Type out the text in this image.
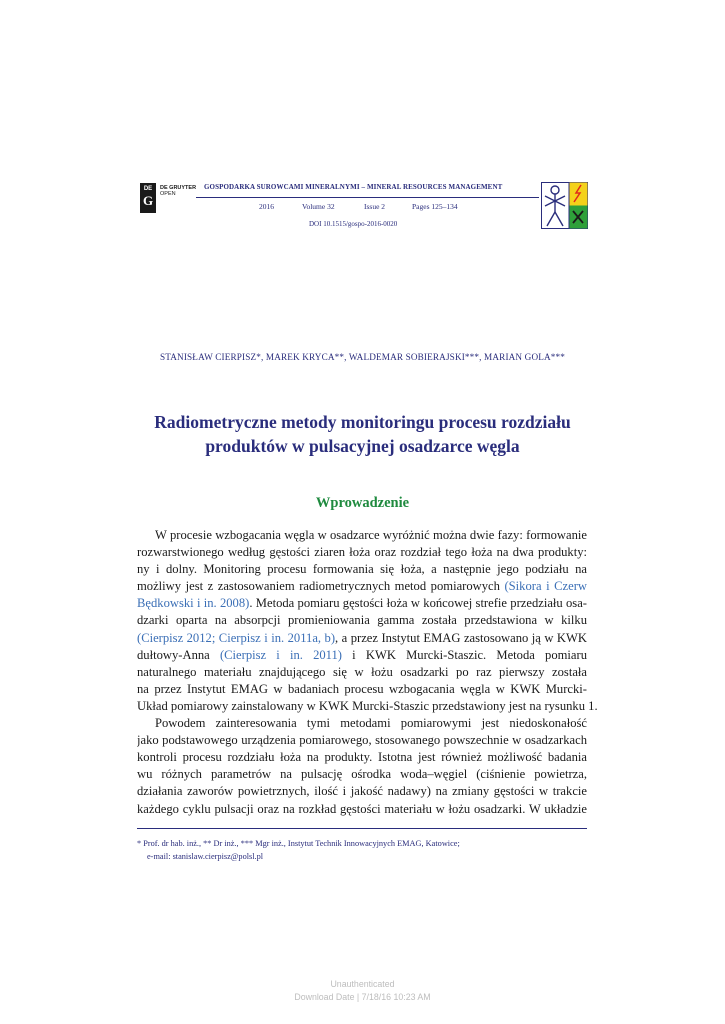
DE
G
DE GRUYTER
OPEN
GOSPODARKA SUROWCAMI MINERALNYMI – MINERAL RESOURCES MANAGEMENT
2016	Volume 32	Issue 2	Pages 125–134
DOI 10.1515/gospo-2016-0020
STANISŁAW CIERPISZ*, MAREK KRYCA**, WALDEMAR SOBIERAJSKI***, MARIAN GOLA***
Radiometryczne metody monitoringu procesu rozdziału
produktów w pulsacyjnej osadzarce węgla
Wprowadzenie
W procesie wzbogacania węgla w osadzarce wyróżnić można dwie fazy: formowanie
rozwarstwionego według gęstości ziaren łoża oraz rozdział tego łoża na dwa produkty:
ny i dolny. Monitoring procesu formowania się łoża, a następnie jego podziału na
możliwy jest z zastosowaniem radiometrycznych metod pomiarowych (Sikora i Czerw
Będkowski i in. 2008). Metoda pomiaru gęstości łoża w końcowej strefie przedziału osa-
dzarki oparta na absorpcji promieniowania gamma została przedstawiona w kilku
(Cierpisz 2012; Cierpisz i in. 2011a, b), a przez Instytut EMAG zastosowano ją w KWK
dułtowy-Anna (Cierpisz i in. 2011) i KWK Murcki-Staszic. Metoda pomiaru
naturalnego materiału znajdującego się w łożu osadzarki po raz pierwszy została
na przez Instytut EMAG w badaniach procesu wzbogacania węgla w KWK Murcki-
Układ pomiarowy zainstalowany w KWK Murcki-Staszic przedstawiony jest na rysunku 1.
Powodem zainteresowania tymi metodami pomiarowymi jest niedoskonałość
jako podstawowego urządzenia pomiarowego, stosowanego powszechnie w osadzarkach
kontroli procesu rozdziału łoża na produkty. Istotna jest również możliwość badania
wu różnych parametrów na pulsację ośrodka woda–węgiel (ciśnienie powietrza,
działania zaworów powietrznych, ilość i jakość nadawy) na zmiany gęstości w trakcie
każdego cyklu pulsacji oraz na rozkład gęstości materiału w łożu osadzarki. W układzie
* Prof. dr hab. inż., ** Dr inż., *** Mgr inż., Instytut Technik Innowacyjnych EMAG, Katowice;
e-mail: stanislaw.cierpisz@polsl.pl
Unauthenticated
Download Date | 7/18/16 10:23 AM
